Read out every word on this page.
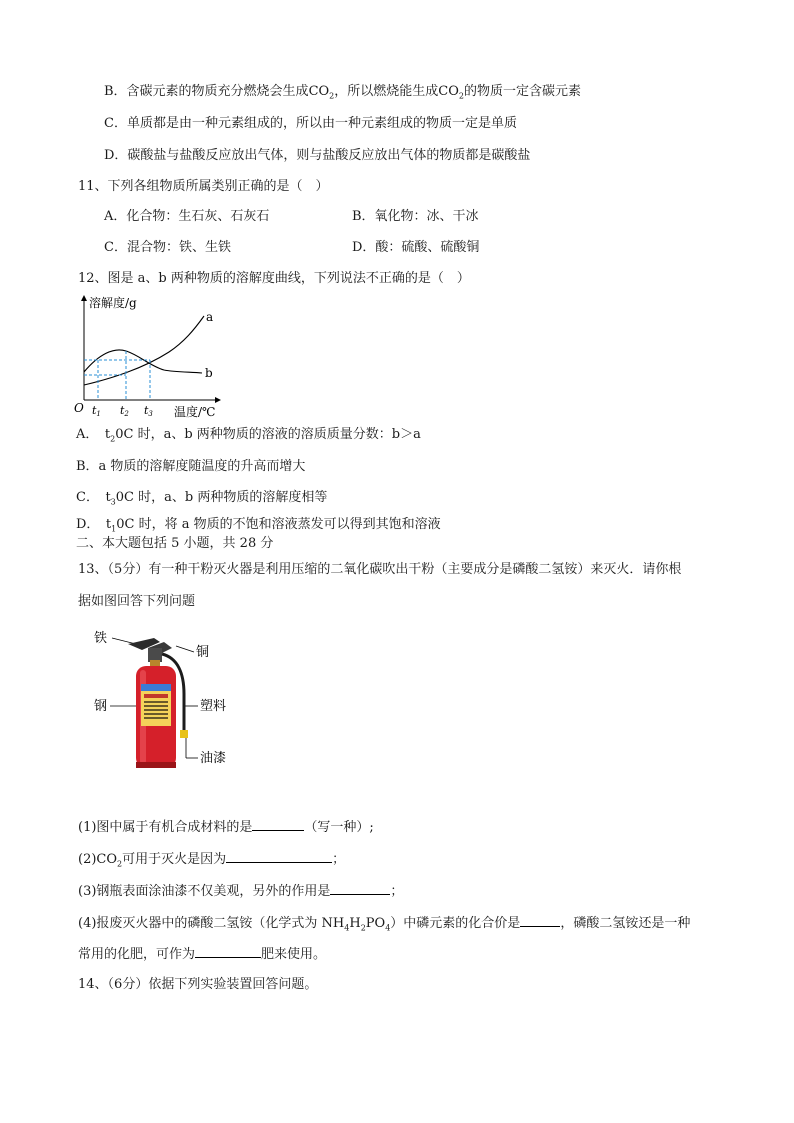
B．含碳元素的物质充分燃烧会生成$CO_2$，所以燃烧能生成$CO_2$的物质一定含碳元素
C．单质都是由一种元素组成的，所以由一种元素组成的物质一定是单质
D．碳酸盐与盐酸反应放出气体，则与盐酸反应放出气体的物质都是碳酸盐
11、下列各组物质所属类别正确的是（　）
A．化合物：生石灰、石灰石	B．氧化物：冰、干冰
C．混合物：铁、生铁	D．酸：硫酸、硫酸铜
12、图是 a、b 两种物质的溶解度曲线，下列说法不正确的是（　）
溶解度/g
a
b
O t1 t2 t3 温度/℃
A．　$t_20C$ 时，a、b 两种物质的溶液的溶质质量分数：b＞a
B．a 物质的溶解度随温度的升高而增大
C．　$t_30C$ 时，a、b 两种物质的溶解度相等
D．　$t_10C$ 时，将 a 物质的不饱和溶液蒸发可以得到其饱和溶液
二、本大题包括 5 小题，共 28 分
13、（5分）有一种干粉灭火器是利用压缩的二氧化碳吹出干粉（主要成分是磷酸二氢铵）来灭火．请你根
据如图回答下列问题
铁
铜
钢	塑料
油漆
(1)图中属于有机合成材料的是	（写一种）;
$(2)CO_2$可用于灭火是因为	；
(3)钢瓶表面涂油漆不仅美观，另外的作用是	；
(4)报废灭火器中的磷酸二氢铵（化学式为 $NH_4H_2PO_4$）中磷元素的化合价是	，磷酸二氢铵还是一种
常用的化肥，可作为	肥来使用。
14、（6分）依据下列实验装置回答问题。
